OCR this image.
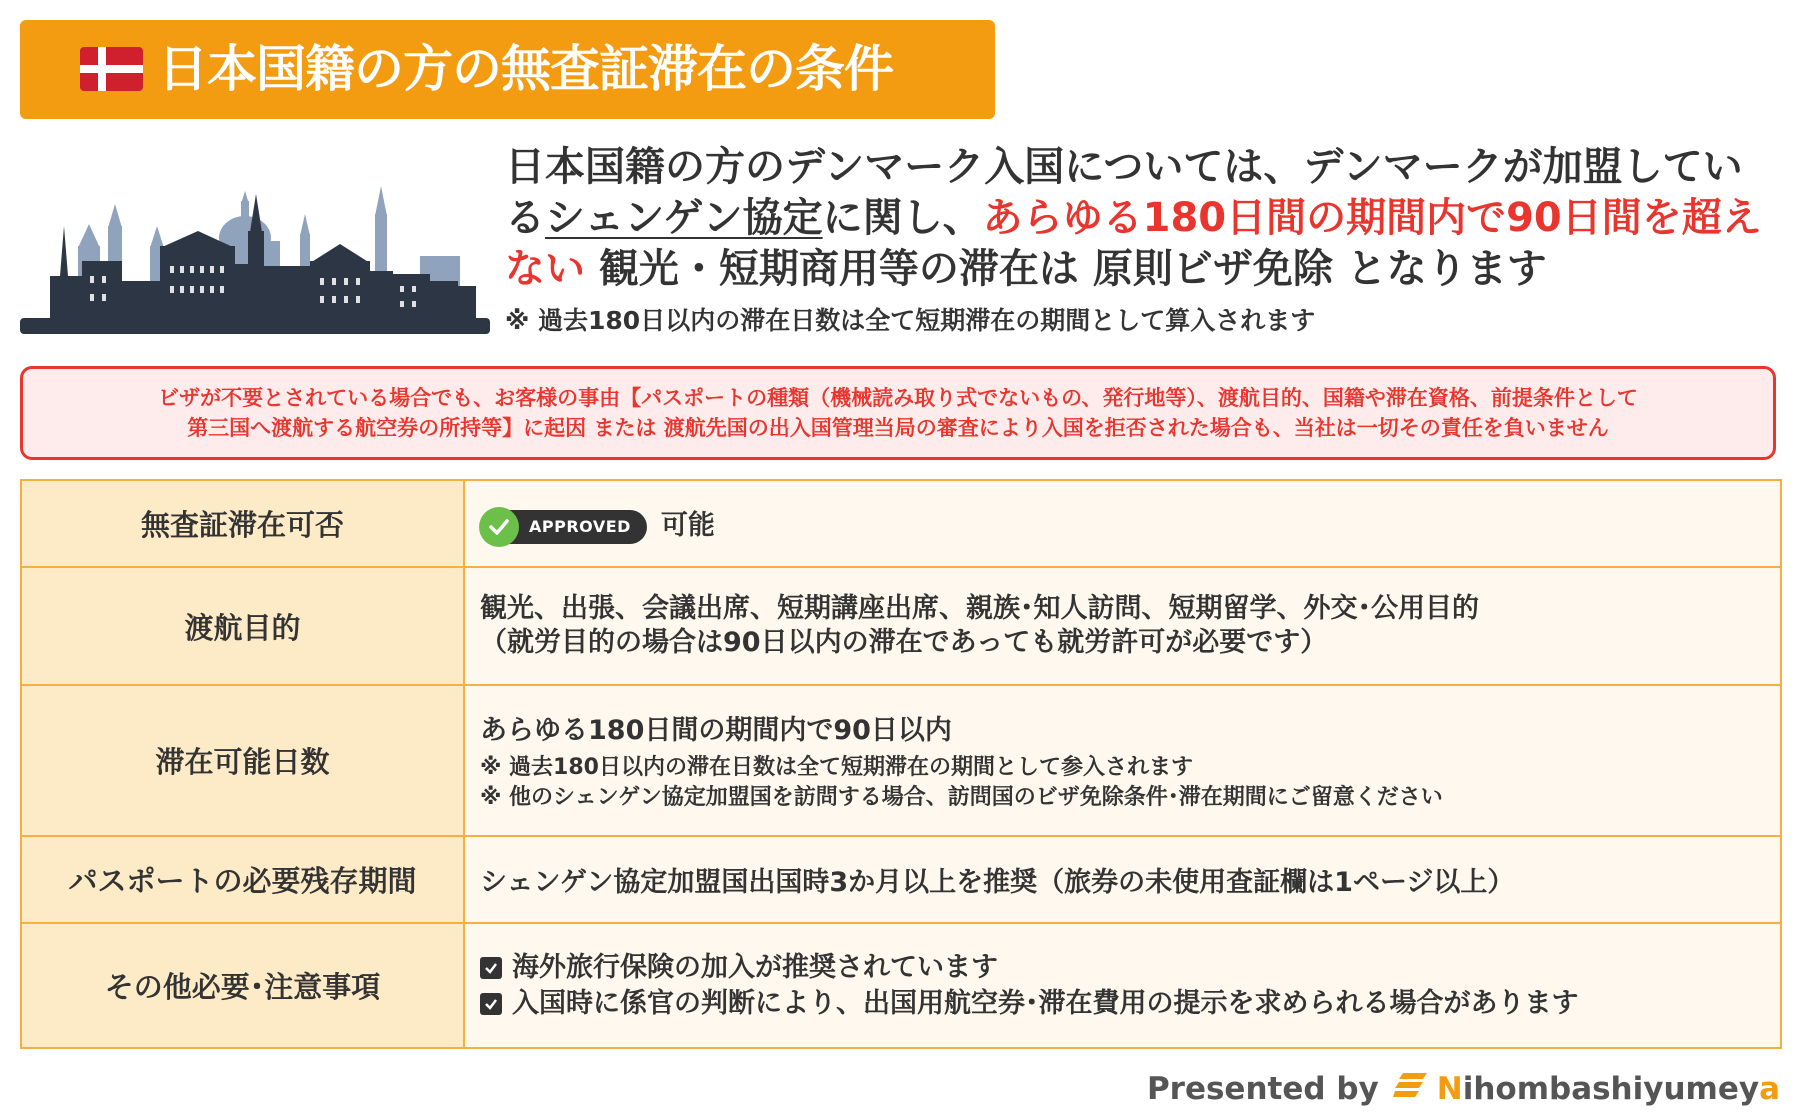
日本国籍の方の無査証滞在の条件
日本国籍の方のデンマーク入国については、デンマークが加盟しているシェンゲン協定に関し、あらゆる180日間の期間内で90日間を超えない 観光・短期商用等の滞在は 原則ビザ免除 となります
※ 過去180日以内の滞在日数は全て短期滞在の期間として算入されます
ビザが不要とされている場合でも、お客様の事由【パスポートの種類（機械読み取り式でないもの、発行地等）、渡航目的、国籍や滞在資格、前提条件として
第三国へ渡航する航空券の所持等】に起因 または 渡航先国の出入国管理当局の審査により入国を拒否された場合も、当社は一切その責任を負いません
無査証滞在可否	APPROVED 可能
渡航目的	観光、出張、会議出席、短期講座出席、親族･知人訪問、短期留学、外交･公用目的
（就労目的の場合は90日以内の滞在であっても就労許可が必要です）

滞在可能日数	あらゆる180日間の期間内で90日以内
※ 過去180日以内の滞在日数は全て短期滞在の期間として参入されます
※ 他のシェンゲン協定加盟国を訪問する場合、訪問国のビザ免除条件･滞在期間にご留意ください

パスポートの必要残存期間	シェンゲン協定加盟国出国時3か月以上を推奨（旅券の未使用査証欄は1ページ以上）
その他必要･注意事項	海外旅行保険の加入が推奨されています
入国時に係官の判断により、出国用航空券･滞在費用の提示を求められる場合があります
Presented by Nihombashiyumeya
